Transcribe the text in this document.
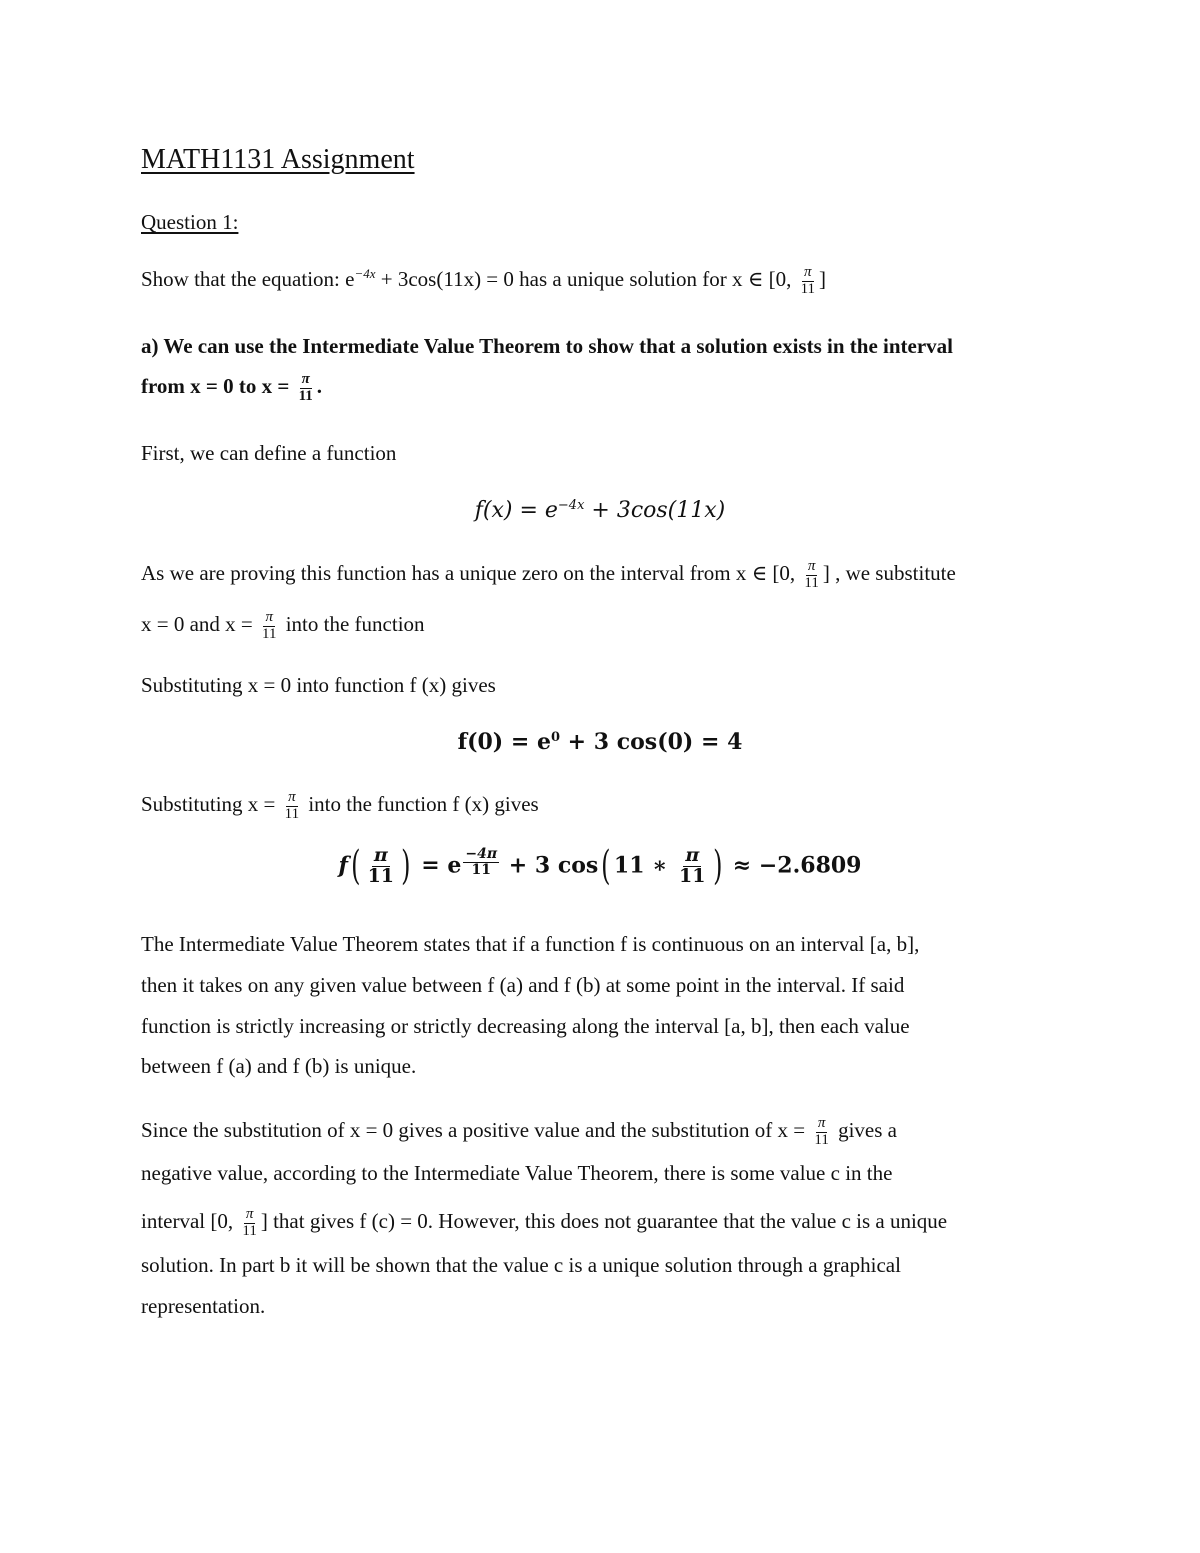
MATH1131 Assignment
Question 1:
Show that the equation: $e^{-4x} + 3\cos(11x) = 0$ has a unique solution for x ∈ [0, $\frac{\pi}{11}$ ]
a) We can use the Intermediate Value Theorem to show that a solution exists in the interval
from x = 0 to $x = \frac{\pi}{11}$ .
First, we can define a function
$f(x) = e^{-4x} + 3\cos(11x)$
As we are proving this function has a unique zero on the interval from x ∈ [0, $\frac{\pi}{11}$ ] , we substitute
x = 0 and $x = \frac{\pi}{11}$ into the function
Substituting x = 0 into function f (x) gives
$f(0) = e^0 + 3$ cos(0) = 4
Substituting $x = \frac{\pi}{11}$ into the function f (x) gives
$f( \frac{\pi}{11}$ ) = e $\frac{-4\pi}{11} + 3$ cos( 11 ∗ $\frac{\pi}{11}$ ) ≈ −2.6809
The Intermediate Value Theorem states that if a function f is continuous on an interval [a, b],
then it takes on any given value between f (a) and f (b) at some point in the interval. If said
function is strictly increasing or strictly decreasing along the interval [a, b], then each value
between f (a) and f (b) is unique.
Since the substitution of x = 0 gives a positive value and the substitution of $x = \frac{\pi}{11}$ gives a
negative value, according to the Intermediate Value Theorem, there is some value c in the
interval [0, $\frac{\pi}{11}$ ] that gives f (c) = 0. However, this does not guarantee that the value c is a unique
solution. In part b it will be shown that the value c is a unique solution through a graphical
representation.
